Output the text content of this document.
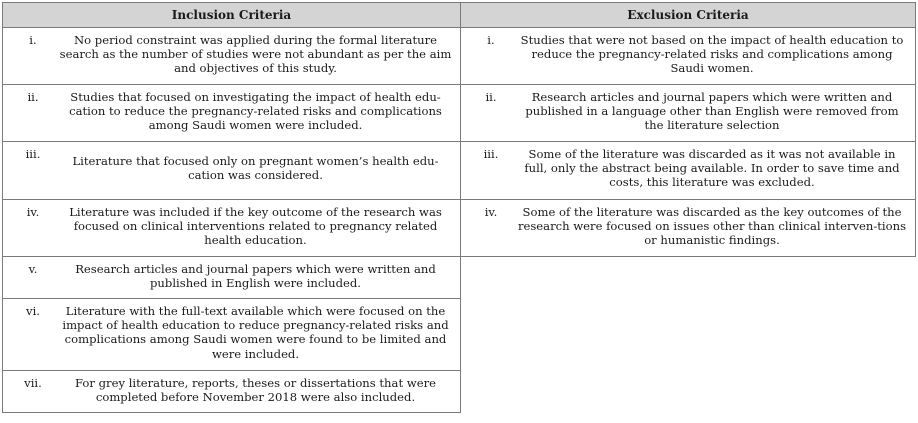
Inclusion Criteria	Exclusion Criteria

i. No period constraint was applied during the formal literature search as the number of studies were not abundant as per the aim and objectives of this study.	i. Studies that were not based on the impact of health education to reduce the pregnancy-related risks and complications among Saudi women.

ii. Studies that focused on investigating the impact of health edu-cation to reduce the pregnancy-related risks and complications among Saudi women were included.	ii. Research articles and journal papers which were written and published in a language other than English were removed from the literature selection

iii. Literature that focused only on pregnant women’s health edu-cation was considered.	iii. Some of the literature was discarded as it was not available in full, only the abstract being available. In order to save time and costs, this literature was excluded.

iv. Literature was included if the key outcome of the research was focused on clinical interventions related to pregnancy related health education.	iv. Some of the literature was discarded as the key outcomes of the research were focused on issues other than clinical interven-tions or humanistic findings.

v. Research articles and journal papers which were written and published in English were included.	

vi. Literature with the full-text available which were focused on the impact of health education to reduce pregnancy-related risks and complications among Saudi women were found to be limited and were included.	

vii. For grey literature, reports, theses or dissertations that were completed before November 2018 were also included.	
